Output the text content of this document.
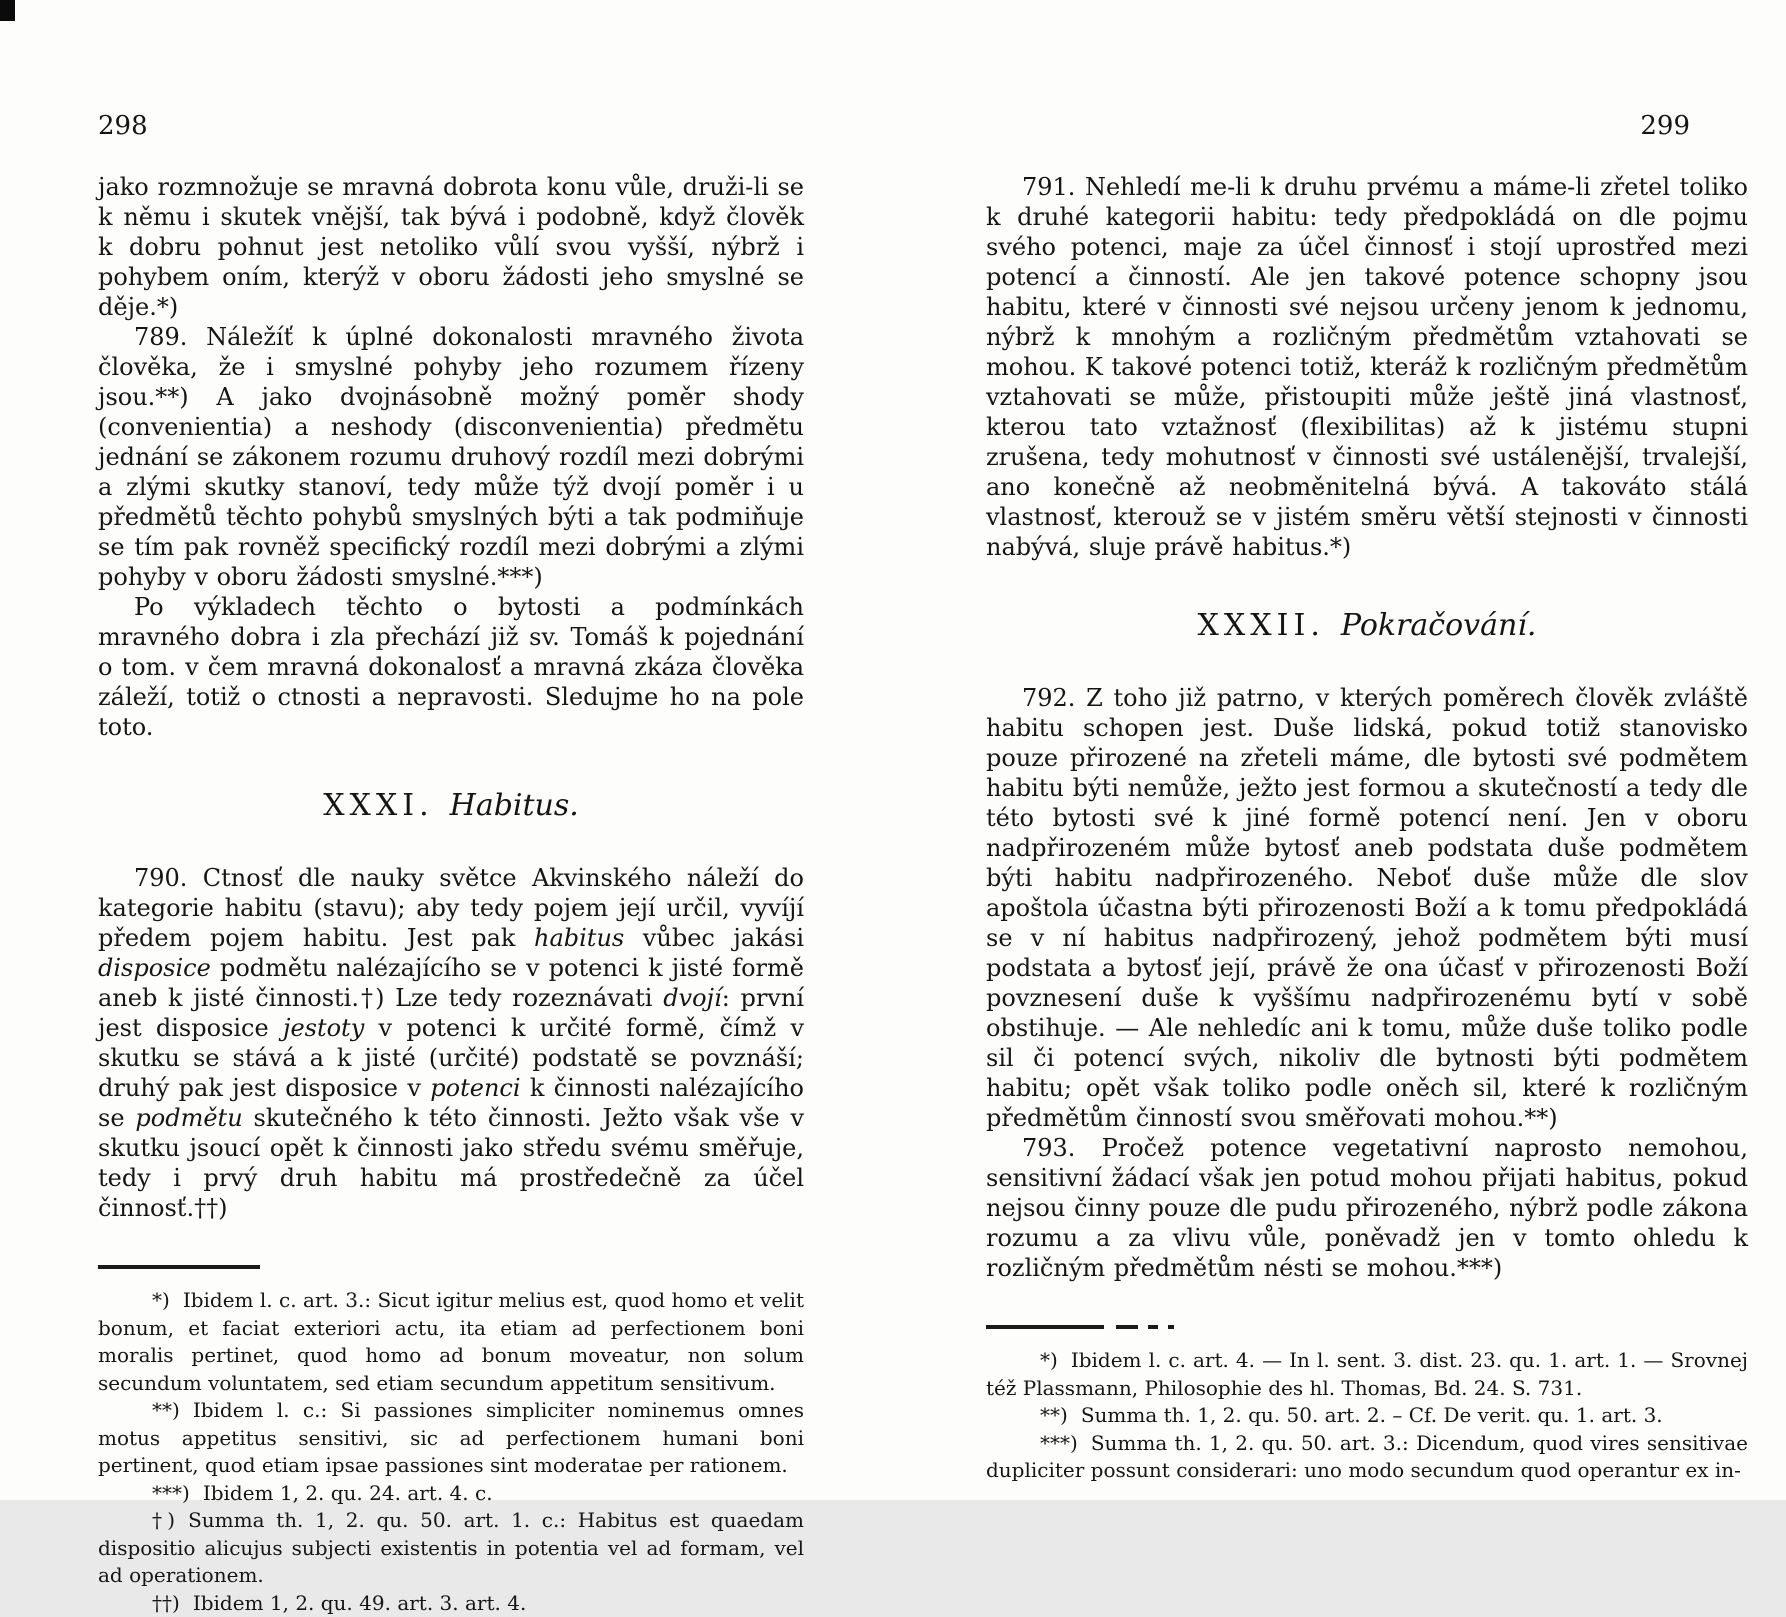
298

jako rozmnožuje se mravná dobrota konu vůle, druži-li se k němu i skutek vnější, tak bývá i podobně, když člověk k dobru pohnut jest netoliko vůlí svou vyšší, nýbrž i pohybem oním, kterýž v oboru žádosti jeho smyslné se děje.*)

789. Náležíť k úplné dokonalosti mravného života člověka, že i smyslné pohyby jeho rozumem řízeny jsou.**) A jako dvojnásobně možný poměr shody (convenientia) a neshody (disconvenientia) předmětu jednání se zákonem rozumu druhový rozdíl mezi dobrými a zlými skutky stanoví, tedy může týž dvojí poměr i u předmětů těchto pohybů smyslných býti a tak podmiňuje se tím pak rovněž specifický rozdíl mezi dobrými a zlými pohyby v oboru žádosti smyslné.***)

Po výkladech těchto o bytosti a podmínkách mravného dobra i zla přechází již sv. Tomáš k pojednání o tom. v čem mravná dokonalosť a mravná zkáza člověka záleží, totiž o ctnosti a nepravosti. Sledujme ho na pole toto.

XXXI. Habitus.

790. Ctnosť dle nauky světce Akvinského náleží do kategorie habitu (stavu); aby tedy pojem její určil, vyvíjí předem pojem habitu. Jest pak habitus vůbec jakási disposice podmětu nalézajícího se v potenci k jisté formě aneb k jisté činnosti.†) Lze tedy rozeznávati dvojí: první jest disposice jestoty v potenci k určité formě, čímž v skutku se stává a k jisté (určité) podstatě se povznáší; druhý pak jest disposice v potenci k činnosti nalézajícího se podmětu skutečného k této činnosti. Ježto však vše v skutku jsoucí opět k činnosti jako středu svému směřuje, tedy i prvý druh habitu má prostředečně za účel činnosť.††)

*) Ibidem l. c. art. 3.: Sicut igitur melius est, quod homo et velit bonum, et faciat exteriori actu, ita etiam ad perfectionem boni moralis pertinet, quod homo ad bonum moveatur, non solum secundum voluntatem, sed etiam secundum appetitum sensitivum.

**) Ibidem l. c.: Si passiones simpliciter nominemus omnes motus appetitus sensitivi, sic ad perfectionem humani boni pertinent, quod etiam ipsae passiones sint moderatae per rationem.

***) Ibidem 1, 2. qu. 24. art. 4. c.

†) Summa th. 1, 2. qu. 50. art. 1. c.: Habitus est quaedam dispositio alicujus subjecti existentis in potentia vel ad formam, vel ad operationem.

††) Ibidem 1, 2. qu. 49. art. 3. art. 4.

299

791. Nehledí me-li k druhu prvému a máme-li zřetel toliko k druhé kategorii habitu: tedy předpokládá on dle pojmu svého potenci, maje za účel činnosť i stojí uprostřed mezi potencí a činností. Ale jen takové potence schopny jsou habitu, které v činnosti své nejsou určeny jenom k jednomu, nýbrž k mnohým a rozličným předmětům vztahovati se mohou. K takové potenci totiž, kteráž k rozličným předmětům vztahovati se může, přistoupiti může ještě jiná vlastnosť, kterou tato vztažnosť (flexibilitas) až k jistému stupni zrušena, tedy mohutnosť v činnosti své ustálenější, trvalejší, ano konečně až neobměnitelná bývá. A takováto stálá vlastnosť, kterouž se v jistém směru větší stejnosti v činnosti nabývá, sluje právě habitus.*)

XXXII. Pokračování.

792. Z toho již patrno, v kterých poměrech člověk zvláště habitu schopen jest. Duše lidská, pokud totiž stanovisko pouze přirozené na zřeteli máme, dle bytosti své podmětem habitu býti nemůže, ježto jest formou a skutečností a tedy dle této bytosti své k jiné formě potencí není. Jen v oboru nadpřirozeném může bytosť aneb podstata duše podmětem býti habitu nadpřirozeného. Neboť duše může dle slov apoštola účastna býti přirozenosti Boží a k tomu předpokládá se v ní habitus nadpřirozený, jehož podmětem býti musí podstata a bytosť její, právě že ona účasť v přirozenosti Boží povznesení duše k vyššímu nadpřirozenému bytí v sobě obstihuje. — Ale nehledíc ani k tomu, může duše toliko podle sil či potencí svých, nikoliv dle bytnosti býti podmětem habitu; opět však toliko podle oněch sil, které k rozličným předmětům činností svou směřovati mohou.**)

793. Pročež potence vegetativní naprosto nemohou, sensitivní žádací však jen potud mohou přijati habitus, pokud nejsou činny pouze dle pudu přirozeného, nýbrž podle zákona rozumu a za vlivu vůle, poněvadž jen v tomto ohledu k rozličným předmětům nésti se mohou.***)

*) Ibidem l. c. art. 4. — In l. sent. 3. dist. 23. qu. 1. art. 1. — Srovnej též Plassmann, Philosophie des hl. Thomas, Bd. 24. S. 731.

**) Summa th. 1, 2. qu. 50. art. 2. – Cf. De verit. qu. 1. art. 3.

***) Summa th. 1, 2. qu. 50. art. 3.: Dicendum, quod vires sensitivae dupliciter possunt considerari: uno modo secundum quod operantur ex in-
